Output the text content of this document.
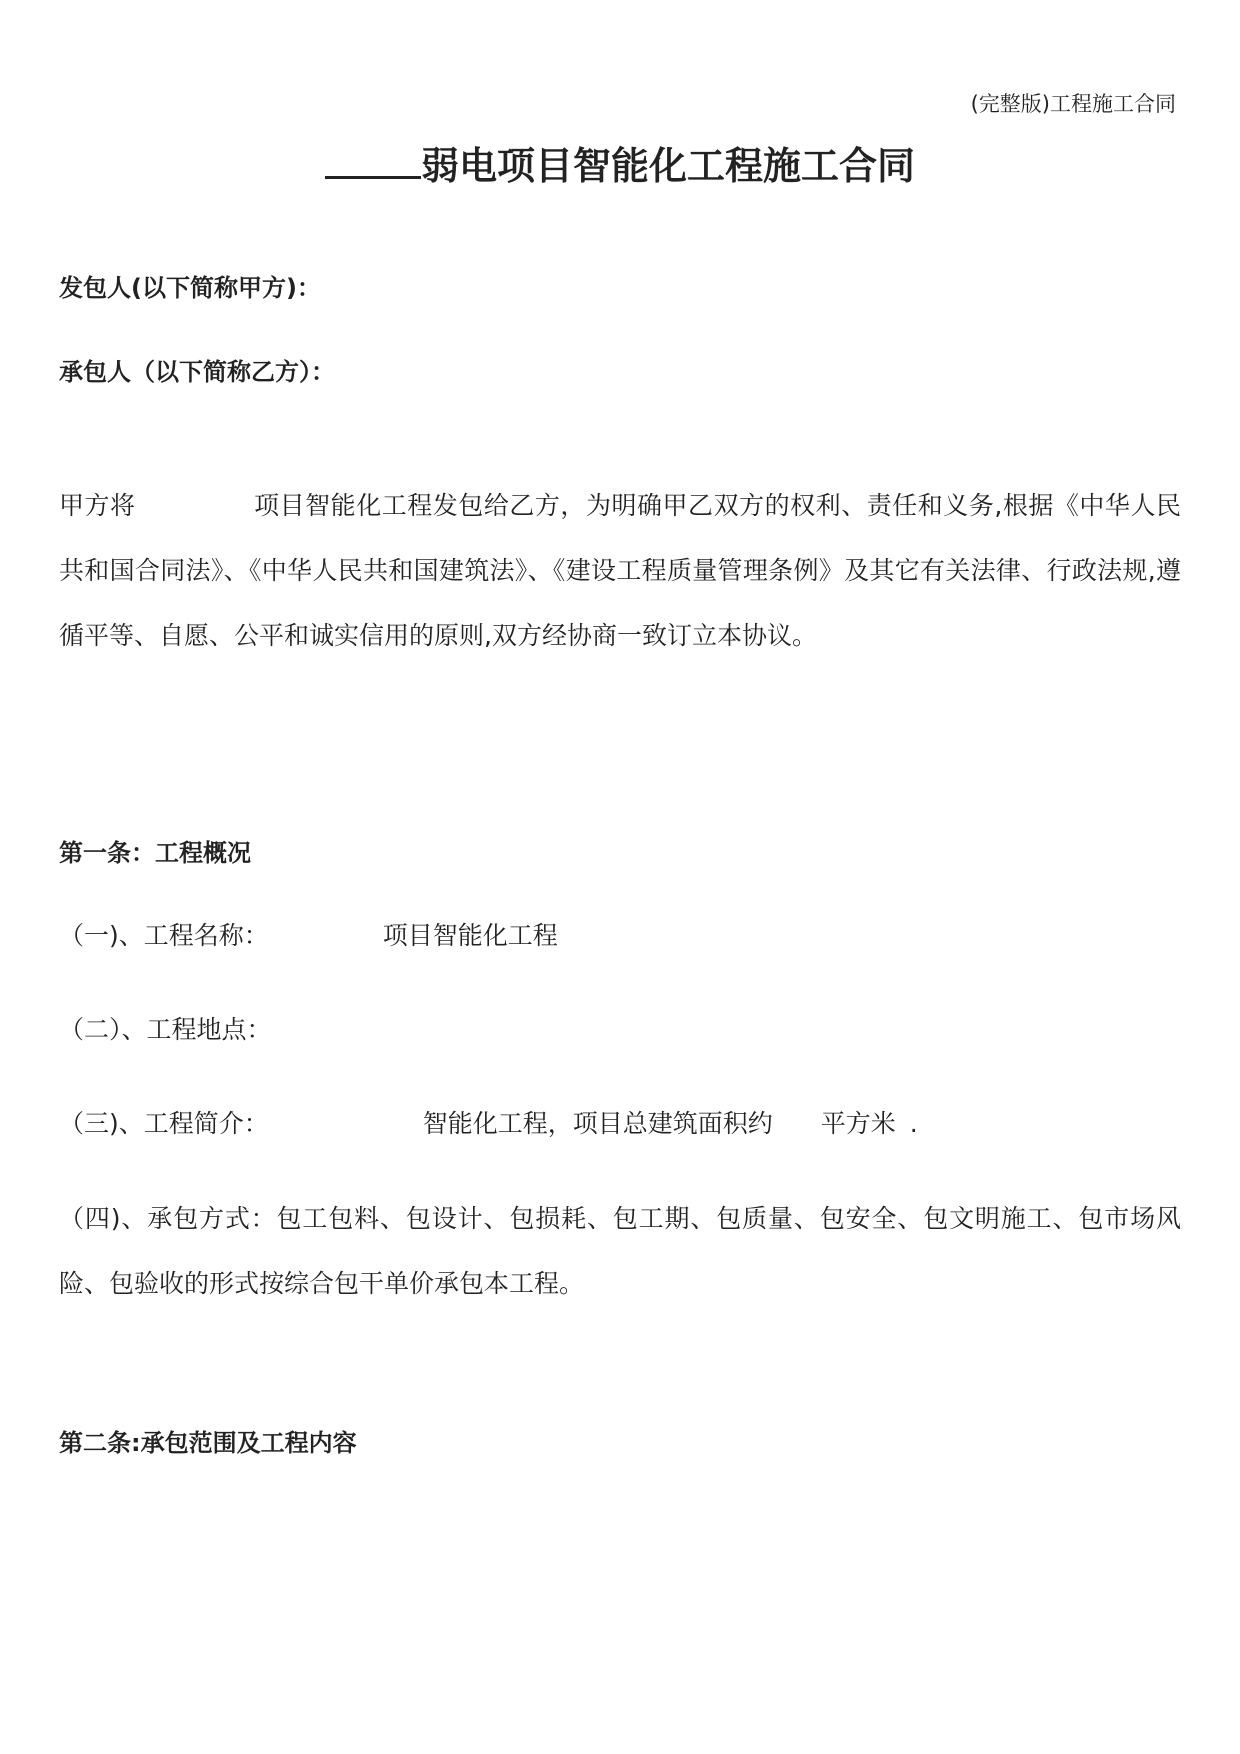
(完整版)工程施工合同
弱电项目智能化工程施工合同
发包人(以下简称甲方)：
承包人（以下简称乙方）：
甲方将	项目智能化工程发包给乙方，为明确甲乙双方的权利、责任和义务,根据《中华人民共和国合同法》、《中华人民共和国建筑法》、《建设工程质量管理条例》及其它有关法律、行政法规,遵循平等、自愿、公平和诚实信用的原则,双方经协商一致订立本协议。
第一条：工程概况
（一)、工程名称：	项目智能化工程
（二）、工程地点：
（三)、工程简介：	智能化工程，项目总建筑面积约 平方米 .
（四)、承包方式：包工包料、包设计、包损耗、包工期、包质量、包安全、包文明施工、包市场风险、包验收的形式按综合包干单价承包本工程。
第二条:承包范围及工程内容
